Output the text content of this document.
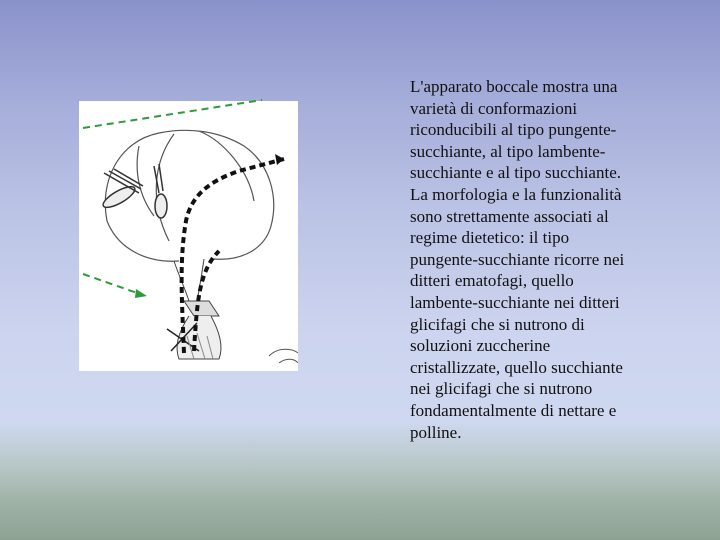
L'apparato boccale mostra una
varietà di conformazioni
riconducibili al tipo pungente-
succhiante, al tipo lambente-
succhiante e al tipo succhiante.
La morfologia e la funzionalità
sono strettamente associati al
regime dietetico: il tipo
pungente-succhiante ricorre nei
ditteri ematofagi, quello
lambente-succhiante nei ditteri
glicifagi che si nutrono di
soluzioni zuccherine
cristallizzate, quello succhiante
nei glicifagi che si nutrono
fondamentalmente di nettare e
polline.
